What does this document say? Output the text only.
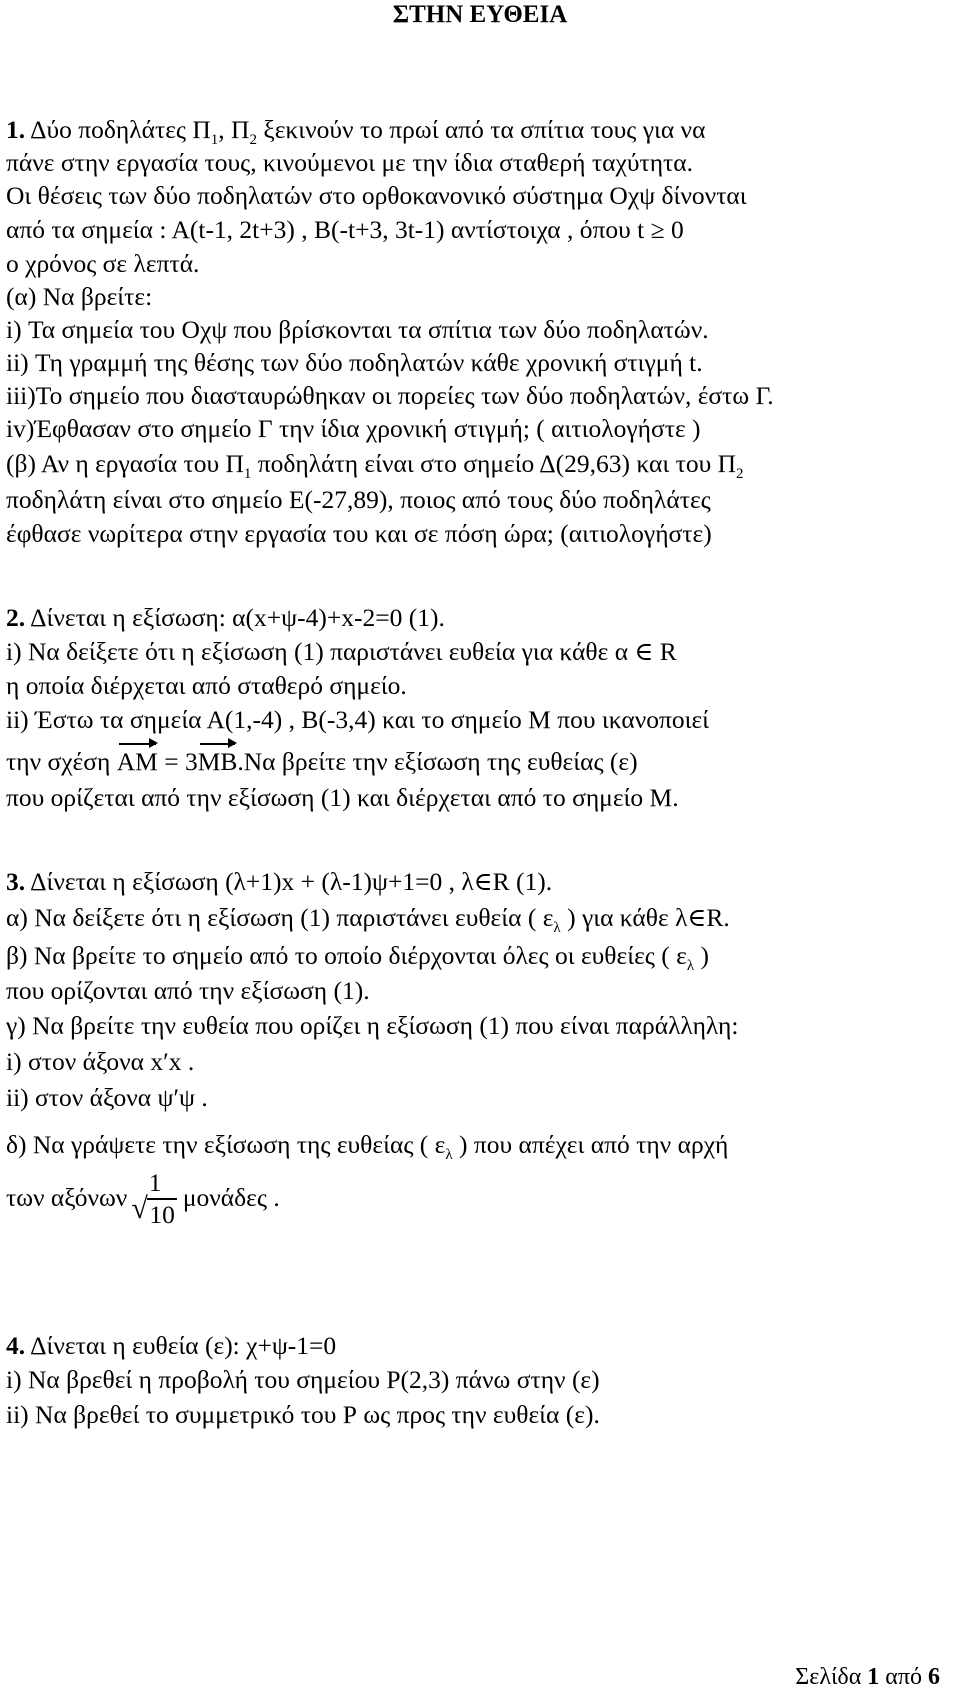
ΣΤΗΝ ΕΥΘΕΙΑ
1. Δύο ποδηλάτες $\Pi_1$, $\Pi_2$ ξεκινούν το πρωί από τα σπίτια τους για να
πάνε στην εργασία τους, κινούμενοι με την ίδια σταθερή ταχύτητα.
Οι θέσεις των δύο ποδηλατών στο ορθοκανονικό σύστημα Οχψ δίνονται
από τα σημεία : Α(t-1, 2t+3) , B(-t+3, 3t-1) αντίστοιχα , όπου t ≥ 0
ο χρόνος σε λεπτά.
(α) Να βρείτε:
i) Τα σημεία του Οχψ που βρίσκονται τα σπίτια των δύο ποδηλατών.
ii) Τη γραμμή της θέσης των δύο ποδηλατών κάθε χρονική στιγμή t.
iii)Το σημείο που διασταυρώθηκαν οι πορείες των δύο ποδηλατών, έστω Γ.
iv)Έφθασαν στο σημείο Γ την ίδια χρονική στιγμή; ( αιτιολογήστε )
(β) Αν η εργασία του $\Pi_1$ ποδηλάτη είναι στο σημείο Δ(29,63) και του $\Pi_2$
ποδηλάτη είναι στο σημείο Ε(-27,89), ποιος από τους δύο ποδηλάτες
έφθασε νωρίτερα στην εργασία του και σε πόση ώρα; (αιτιολογήστε)
2. Δίνεται η εξίσωση: α(x+ψ-4)+x-2=0 (1).
i) Να δείξετε ότι η εξίσωση (1) παριστάνει ευθεία για κάθε α ∈ R
η οποία διέρχεται από σταθερό σημείο.
ii) Έστω τα σημεία Α(1,-4) , Β(-3,4) και το σημείο Μ που ικανοποιεί
την σχέση ΑΜ = 3ΜΒ.Να βρείτε την εξίσωση της ευθείας (ε)
που ορίζεται από την εξίσωση (1) και διέρχεται από το σημείο Μ.
3. Δίνεται η εξίσωση (λ+1)x + (λ-1)ψ+1=0 , λ∈R (1).
α) Να δείξετε ότι η εξίσωση (1) παριστάνει ευθεία ( $\varepsilon_\lambda$ ) για κάθε λ∈R.
β) Να βρείτε το σημείο από το οποίο διέρχονται όλες οι ευθείες ( $\varepsilon_\lambda$ )
που ορίζονται από την εξίσωση (1).
γ) Να βρείτε την ευθεία που ορίζει η εξίσωση (1) που είναι παράλληλη:
i) στον άξονα x′x .
ii) στον άξονα ψ′ψ .
δ) Να γράψετε την εξίσωση της ευθείας ( $\varepsilon_\lambda$ ) που απέχει από την αρχή
των αξόνων 1
√ 10
μονάδες .
4. Δίνεται η ευθεία (ε): χ+ψ-1=0
i) Να βρεθεί η προβολή του σημείου Ρ(2,3) πάνω στην (ε)
ii) Να βρεθεί το συμμετρικό του Ρ ως προς την ευθεία (ε).
Σελίδα 1 από 6
